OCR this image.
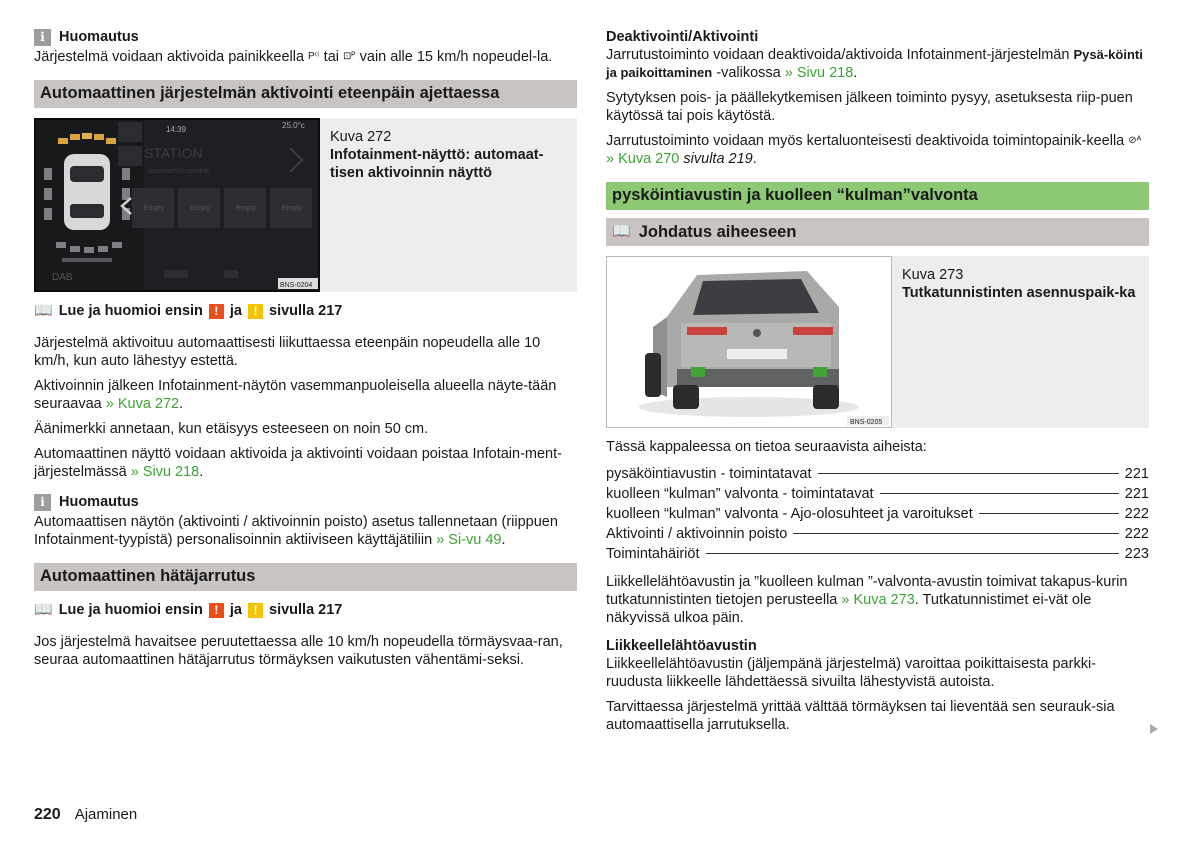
i Huomautus

Järjestelmä voidaan aktivoida painikkeella P⁽⁽ tai ⊡ᴾ vain alle 15 km/h nopeudel-la.

Automaattinen järjestelmän aktivointi eteenpäin ajettaessa
14:39	25.0°c
STATION
Autostart/Ensemble
Empty	Empty	Empty	Empty
DAB
BNS-0204
Kuva 272
Infotainment-näyttö: automaat-tisen aktivoinnin näyttö
📖 Lue ja huomioi ensin ! ja ! sivulla 217

Järjestelmä aktivoituu automaattisesti liikuttaessa eteenpäin nopeudella alle 10 km/h, kun auto lähestyy estettä.

Aktivoinnin jälkeen Infotainment-näytön vasemmanpuoleisella alueella näyte-tään seuraavaa » Kuva 272.

Äänimerkki annetaan, kun etäisyys esteeseen on noin 50 cm.

Automaattinen näyttö voidaan aktivoida ja aktivointi voidaan poistaa Infotain-ment-järjestelmässä » Sivu 218.

i Huomautus

Automaattisen näytön (aktivointi / aktivoinnin poisto) asetus tallennetaan (riippuen Infotainment-tyypistä) personalisoinnin aktiiviseen käyttäjätiliin » Si-vu 49.

Automaattinen hätäjarrutus
📖 Lue ja huomioi ensin ! ja ! sivulla 217

Jos järjestelmä havaitsee peruutettaessa alle 10 km/h nopeudella törmäysvaa-ran, seuraa automaattinen hätäjarrutus törmäyksen vaikutusten vähentämi-seksi.

Deaktivointi/Aktivointi

Jarrutustoiminto voidaan deaktivoida/aktivoida Infotainment-järjestelmän Pysä-köinti ja paikoittaminen -valikossa » Sivu 218.

Sytytyksen pois- ja päällekytkemisen jälkeen toiminto pysyy, asetuksesta riip-puen käytössä tai pois käytöstä.

Jarrutustoiminto voidaan myös kertaluonteisesti deaktivoida toimintopainik-keella ⊘ᴬ » Kuva 270 sivulta 219.

pysköintiavustin ja kuolleen “kulman”valvonta
📖 Johdatus aiheeseen
BNS-0205
Kuva 273
Tutkatunnistinten asennuspaik-ka

Tässä kappaleessa on tietoa seuraavista aiheista:

pysäköintiavustin - toimintatavat	221
kuolleen “kulman” valvonta - toimintatavat	221
kuolleen “kulman” valvonta - Ajo-olosuhteet ja varoitukset	222
Aktivointi / aktivoinnin poisto	222
Toimintahäiriöt	223

Liikkellelähtöavustin ja ”kuolleen kulman ”-valvonta-avustin toimivat takapus-kurin tutkatunnistinten tietojen perusteella » Kuva 273. Tutkatunnistimet ei-vät ole näkyvissä ulkoa päin.

Liikkeellelähtöavustin

Liikkeellelähtöavustin (jäljempänä järjestelmä) varoittaa poikittaisesta parkki-ruudusta liikkeelle lähdettäessä sivuilta lähestyvistä autoista.

Tarvittaessa järjestelmä yrittää välttää törmäyksen tai lieventää sen seurauk-sia automaattisella jarrutuksella.

220 Ajaminen
